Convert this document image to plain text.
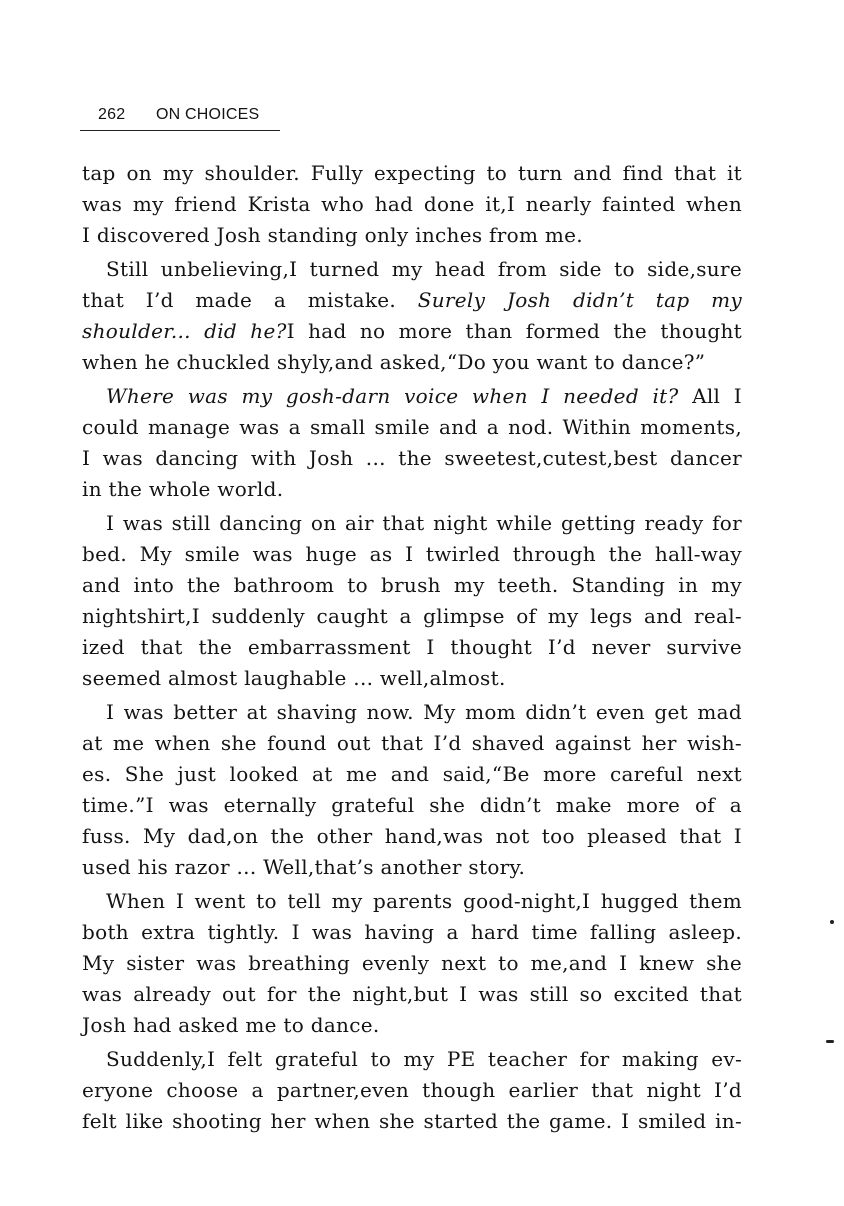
262 ON CHOICES
tap on my shoulder. Fully expecting to turn and find that it
was my friend Krista who had done it,I nearly fainted when
I discovered Josh standing only inches from me.
Still unbelieving,I turned my head from side to side,sure
that I’d made a mistake. Surely Josh didn’t tap my
shoulder... did he?I had no more than formed the thought
when he chuckled shyly,and asked,“Do you want to dance?”
Where was my gosh-darn voice when I needed it? All I
could manage was a small smile and a nod. Within moments,
I was dancing with Josh ... the sweetest,cutest,best dancer
in the whole world.
I was still dancing on air that night while getting ready for
bed. My smile was huge as I twirled through the hall-way
and into the bathroom to brush my teeth. Standing in my
nightshirt,I suddenly caught a glimpse of my legs and real-
ized that the embarrassment I thought I’d never survive
seemed almost laughable ... well,almost.
I was better at shaving now. My mom didn’t even get mad
at me when she found out that I’d shaved against her wish-
es. She just looked at me and said,“Be more careful next
time.”I was eternally grateful she didn’t make more of a
fuss. My dad,on the other hand,was not too pleased that I
used his razor ... Well,that’s another story.
When I went to tell my parents good-night,I hugged them
both extra tightly. I was having a hard time falling asleep.
My sister was breathing evenly next to me,and I knew she
was already out for the night,but I was still so excited that
Josh had asked me to dance.
Suddenly,I felt grateful to my PE teacher for making ev-
eryone choose a partner,even though earlier that night I’d
felt like shooting her when she started the game. I smiled in-
